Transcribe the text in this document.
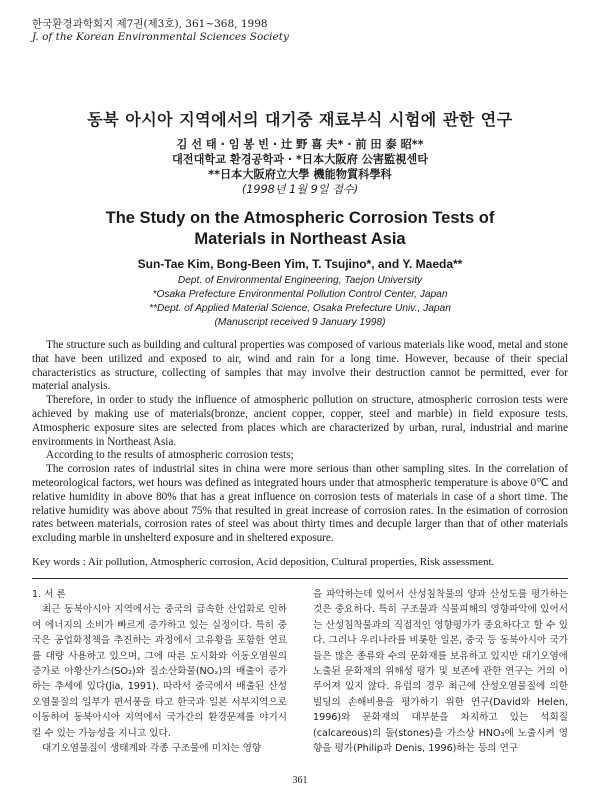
한국환경과학회지 제7권(제3호), 361~368, 1998
J. of the Korean Environmental Sciences Society
동북 아시아 지역에서의 대기중 재료부식 시험에 관한 연구
김 선 태 · 임 봉 빈 · 辻 野 喜 夫* · 前 田 泰 昭**
대전대학교 환경공학과 · *日本大阪府 公害監視센타
**日本大阪府立大學 機能物質科學科
(1998년 1월 9일 접수)
The Study on the Atmospheric Corrosion Tests of
Materials in Northeast Asia
Sun-Tae Kim, Bong-Been Yim, T. Tsujino*, and Y. Maeda**
Dept. of Environmental Engineering, Taejon University
*Osaka Prefecture Environmental Pollution Control Center, Japan
**Dept. of Applied Material Science, Osaka Prefecture Univ., Japan
(Manuscript received 9 January 1998)

The structure such as building and cultural properties was composed of various materials like wood, metal and stone that have been utilized and exposed to air, wind and rain for a long time. However, because of their special characteristics as structure, collecting of samples that may involve their destruction cannot be permitted, ever for material analysis.

Therefore, in order to study the influence of atmospheric pollution on structure, atmospheric corrosion tests were achieved by making use of materials(bronze, ancient copper, copper, steel and marble) in field exposure tests. Atmospheric exposure sites are selected from places which are characterized by urban, rural, industrial and marine environments in Northeast Asia.

According to the results of atmospheric corrosion tests;

The corrosion rates of industrial sites in china were more serious than other sampling sites. In the correlation of meteorological factors, wet hours was defined as integrated hours under that atmospheric temperature is above 0℃ and relative humidity in above 80% that has a great influence on corrosion tests of materials in case of a short time. The relative humidity was above about 75% that resulted in great increase of corrosion rates. In the esimation of corrosion rates between materials, corrosion rates of steel was about thirty times and decuple larger than that of other materials excluding marble in unshelterd exposure and in sheltered exposure.

Key words : Air pollution, Atmospheric corrosion, Acid deposition, Cultural properties, Risk assessment.
1. 서 론

최근 동북아시아 지역에서는 중국의 급속한 산업화로 인하여 에너지의 소비가 빠르게 증가하고 있는 실정이다. 특히 중국은 공업화정책을 추진하는 과정에서 고유황을 포함한 연료를 대량 사용하고 있으며, 그에 따른 도시화와 이동오염원의 증가로 아황산가스(SO₂)와 질소산화물(NOₓ)의 배출이 증가하는 추세에 있다(Jia, 1991). 따라서 중국에서 배출된 산성 오염물질의 일부가 편서풍을 타고 한국과 일본 서부지역으로 이동하여 동북아시아 지역에서 국가간의 환경문제를 야기시킬 수 있는 가능성을 지니고 있다.

대기오염물질이 생태계와 각종 구조물에 미치는 영향

을 파악하는데 있어서 산성침착물의 양과 산성도를 평가하는 것은 중요하다. 특히 구조물과 식물피해의 영향파악에 있어서는 산성침착물과의 직접적인 영향평가가 중요하다고 할 수 있다. 그러나 우리나라를 비롯한 일본, 중국 등 동북아시아 국가들은 많은 종류와 수의 문화재를 보유하고 있지만 대기오염에 노출된 문화재의 위해성 평가 및 보존에 관한 연구는 거의 이루어져 있지 않다. 유럽의 경우 최근에 산성오염물질에 의한 빌딩의 손해비용을 평가하기 위한 연구(David와 Helen, 1996)와 문화재의 대부분을 차지하고 있는 석회질(calcareous)의 돌(stones)을 가스상 HNO₃에 노출시켜 영향을 평가(Philip과 Denis, 1996)하는 등의 연구

361
